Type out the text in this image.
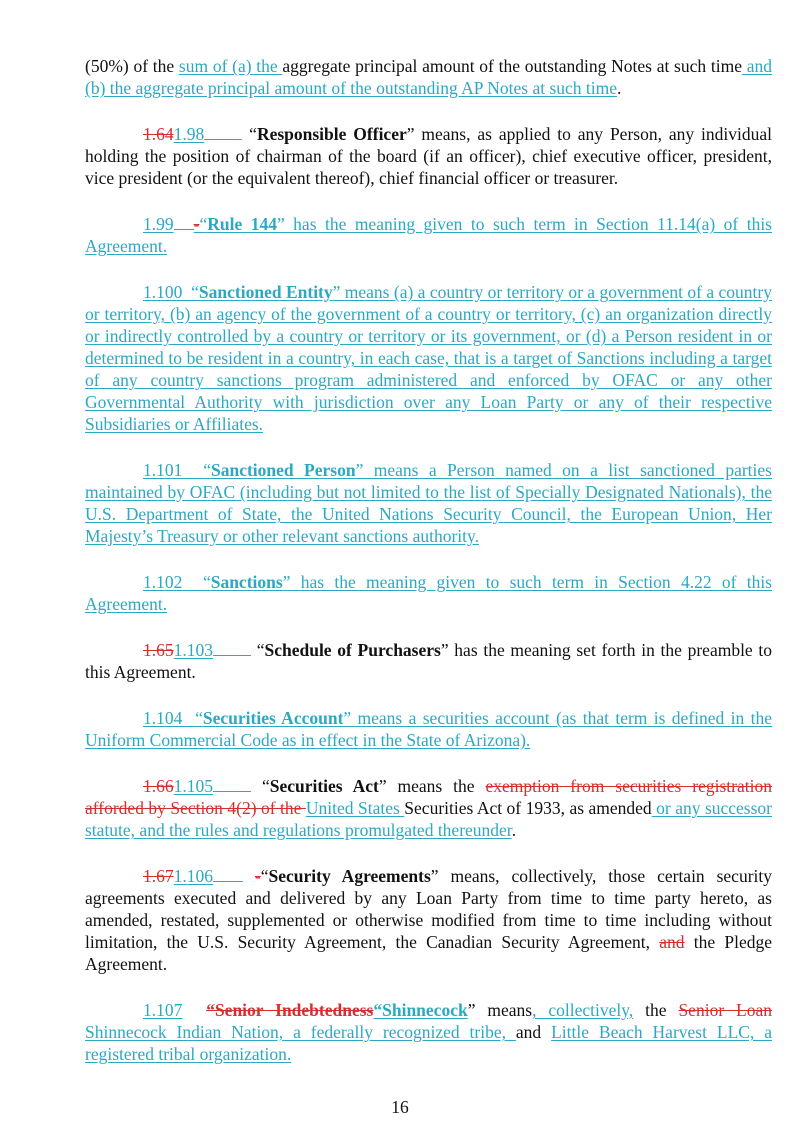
(50%) of the sum of (a) the aggregate principal amount of the outstanding Notes at such time and (b) the aggregate principal amount of the outstanding AP Notes at such time.

1.641.98	“Responsible Officer” means, as applied to any Person, any individual holding the position of chairman of the board (if an officer), chief executive officer, president, vice president (or the equivalent thereof), chief financial officer or treasurer.

1.99 -“Rule 144” has the meaning given to such term in Section 11.14(a) of this Agreement.

1.100 “Sanctioned Entity” means (a) a country or territory or a government of a country or territory, (b) an agency of the government of a country or territory, (c) an organization directly or indirectly controlled by a country or territory or its government, or (d) a Person resident in or determined to be resident in a country, in each case, that is a target of Sanctions including a target of any country sanctions program administered and enforced by OFAC or any other Governmental Authority with jurisdiction over any Loan Party or any of their respective Subsidiaries or Affiliates.

1.101 “Sanctioned Person” means a Person named on a list sanctioned parties maintained by OFAC (including but not limited to the list of Specially Designated Nationals), the U.S. Department of State, the United Nations Security Council, the European Union, Her Majesty’s Treasury or other relevant sanctions authority.

1.102 “Sanctions” has the meaning given to such term in Section 4.22 of this Agreement.

1.651.103 “Schedule of Purchasers” has the meaning set forth in the preamble to this Agreement.

1.104 “Securities Account” means a securities account (as that term is defined in the Uniform Commercial Code as in effect in the State of Arizona).

1.661.105	“Securities Act” means the exemption from securities registration afforded by Section 4(2) of the United States Securities Act of 1933, as amended or any successor statute, and the rules and regulations promulgated thereunder.

1.671.106 -“Security Agreements” means, collectively, those certain security agreements executed and delivered by any Loan Party from time to time party hereto, as amended, restated, supplemented or otherwise modified from time to time including without limitation, the U.S. Security Agreement, the Canadian Security Agreement, and the Pledge Agreement.

1.107 “Senior Indebtedness“Shinnecock” means, collectively, the Senior Loan Shinnecock Indian Nation, a federally recognized tribe, and Little Beach Harvest LLC, a registered tribal organization.

16
